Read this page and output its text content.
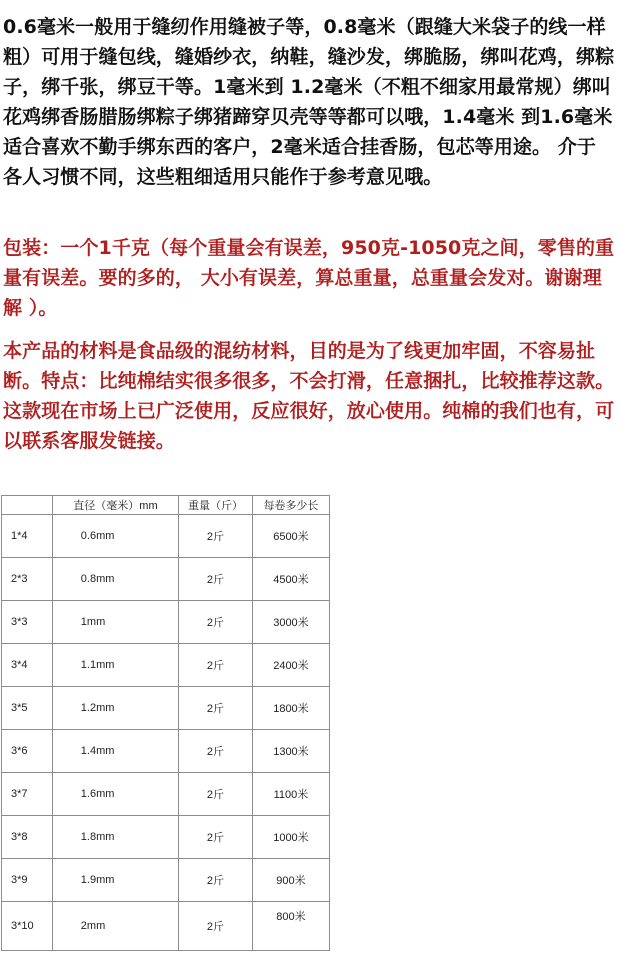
0.6毫米一般用于缝纫作用缝被子等，0.8毫米（跟缝大米袋子的线一样粗）可用于缝包线，缝婚纱衣，纳鞋，缝沙发，绑脆肠，绑叫花鸡，绑粽子，绑千张，绑豆干等。1毫米到 1.2毫米（不粗不细家用最常规）绑叫花鸡绑香肠腊肠绑粽子绑猪蹄穿贝壳等等都可以哦，1.4毫米 到1.6毫米适合喜欢不勤手绑东西的客户，2毫米适合挂香肠，包芯等用途。 介于各人习惯不同，这些粗细适用只能作于参考意见哦。

包装：一个1千克（每个重量会有误差，950克-1050克之间，零售的重量有误差。要的多的， 大小有误差，算总重量，总重量会发对。谢谢理解 ）。

本产品的材料是食品级的混纺材料，目的是为了线更加牢固，不容易扯断。特点：比纯棉结实很多很多，不会打滑，任意捆扎，比较推荐这款。这款现在市场上已广泛使用，反应很好，放心使用。纯棉的我们也有，可以联系客服发链接。

	直径（毫米）mm	重量（斤）	每卷多少长
1*4	0.6mm	2斤	6500米
2*3	0.8mm	2斤	4500米
3*3	1mm	2斤	3000米
3*4	1.1mm	2斤	2400米
3*5	1.2mm	2斤	1800米
3*6	1.4mm	2斤	1300米
3*7	1.6mm	2斤	1100米
3*8	1.8mm	2斤	1000米
3*9	1.9mm	2斤	900米
3*10	2mm	2斤	800米
